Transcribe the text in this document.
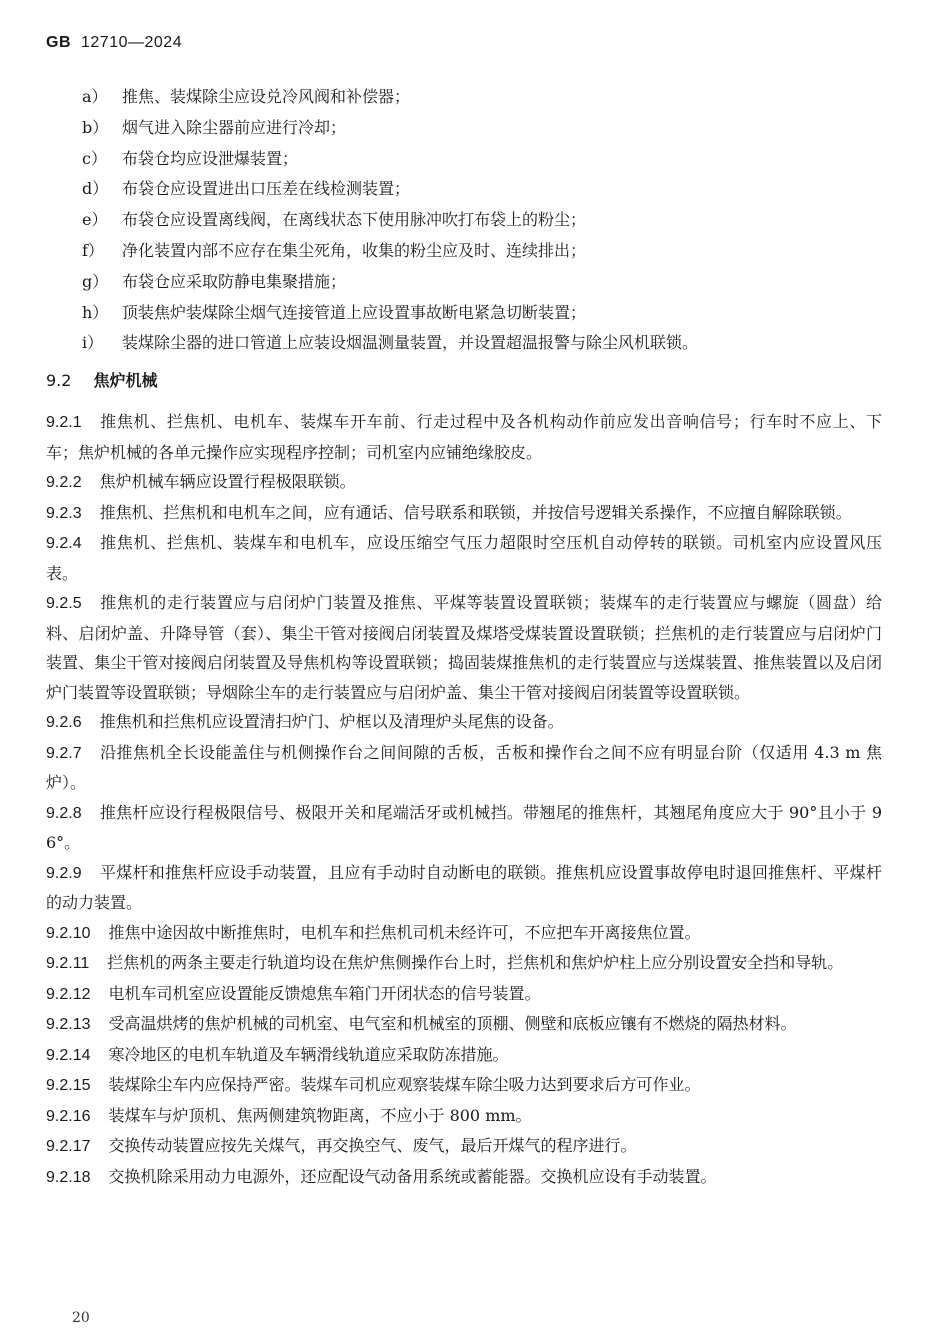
GB 12710—2024
a） 推焦、装煤除尘应设兑冷风阀和补偿器；
b） 烟气进入除尘器前应进行冷却；
c） 布袋仓均应设泄爆装置；
d） 布袋仓应设置进出口压差在线检测装置；
e） 布袋仓应设置离线阀，在离线状态下使用脉冲吹打布袋上的粉尘；
f）	净化装置内部不应存在集尘死角，收集的粉尘应及时、连续排出；
g） 布袋仓应采取防静电集聚措施；
h） 顶装焦炉装煤除尘烟气连接管道上应设置事故断电紧急切断装置；
i）	装煤除尘器的进口管道上应装设烟温测量装置，并设置超温报警与除尘风机联锁。
9.2 焦炉机械
9.2.1 推焦机、拦焦机、电机车、装煤车开车前、行走过程中及各机构动作前应发出音响信号；行车时不应上、下车；焦炉机械的各单元操作应实现程序控制；司机室内应铺绝缘胶皮。
9.2.2 焦炉机械车辆应设置行程极限联锁。
9.2.3 推焦机、拦焦机和电机车之间，应有通话、信号联系和联锁，并按信号逻辑关系操作，不应擅自解除联锁。
9.2.4 推焦机、拦焦机、装煤车和电机车，应设压缩空气压力超限时空压机自动停转的联锁。司机室内应设置风压表。
9.2.5 推焦机的走行装置应与启闭炉门装置及推焦、平煤等装置设置联锁；装煤车的走行装置应与螺旋（圆盘）给料、启闭炉盖、升降导管（套）、集尘干管对接阀启闭装置及煤塔受煤装置设置联锁；拦焦机的走行装置应与启闭炉门装置、集尘干管对接阀启闭装置及导焦机构等设置联锁；捣固装煤推焦机的走行装置应与送煤装置、推焦装置以及启闭炉门装置等设置联锁；导烟除尘车的走行装置应与启闭炉盖、集尘干管对接阀启闭装置等设置联锁。
9.2.6 推焦机和拦焦机应设置清扫炉门、炉框以及清理炉头尾焦的设备。
9.2.7 沿推焦机全长设能盖住与机侧操作台之间间隙的舌板，舌板和操作台之间不应有明显台阶（仅适用 4.3 m 焦炉）。
9.2.8 推焦杆应设行程极限信号、极限开关和尾端活牙或机械挡。带翘尾的推焦杆，其翘尾角度应大于 90°且小于 96°。
9.2.9 平煤杆和推焦杆应设手动装置，且应有手动时自动断电的联锁。推焦机应设置事故停电时退回推焦杆、平煤杆的动力装置。
9.2.10 推焦中途因故中断推焦时，电机车和拦焦机司机未经许可，不应把车开离接焦位置。
9.2.11 拦焦机的两条主要走行轨道均设在焦炉焦侧操作台上时，拦焦机和焦炉炉柱上应分别设置安全挡和导轨。
9.2.12 电机车司机室应设置能反馈熄焦车箱门开闭状态的信号装置。
9.2.13 受高温烘烤的焦炉机械的司机室、电气室和机械室的顶棚、侧壁和底板应镶有不燃烧的隔热材料。
9.2.14 寒冷地区的电机车轨道及车辆滑线轨道应采取防冻措施。
9.2.15 装煤除尘车内应保持严密。装煤车司机应观察装煤车除尘吸力达到要求后方可作业。
9.2.16 装煤车与炉顶机、焦两侧建筑物距离，不应小于 800 mm。
9.2.17 交换传动装置应按先关煤气，再交换空气、废气，最后开煤气的程序进行。
9.2.18 交换机除采用动力电源外，还应配设气动备用系统或蓄能器。交换机应设有手动装置。
20
